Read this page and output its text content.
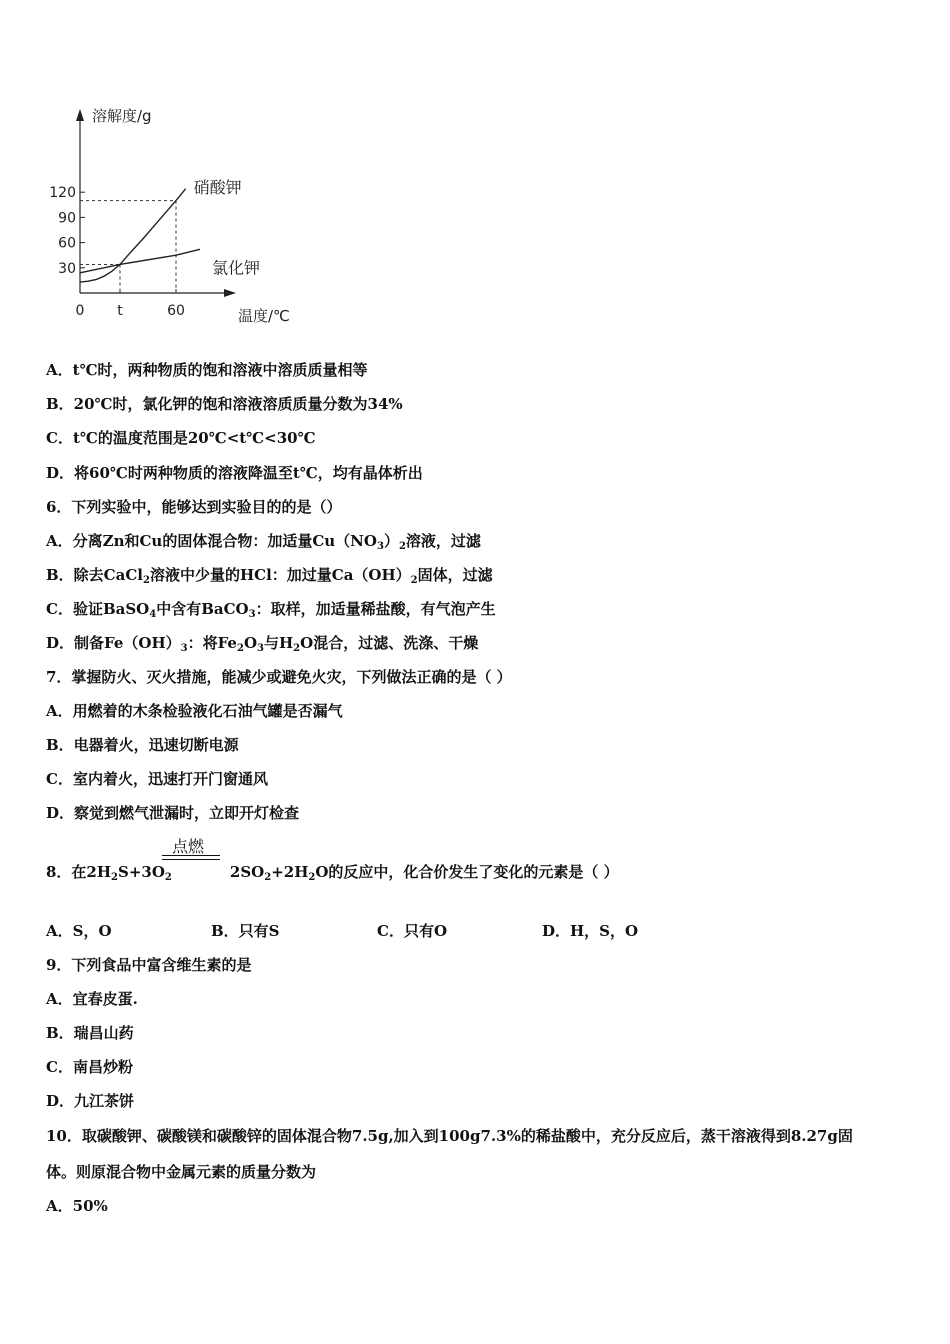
120
90
60
30
0 t	60
硝酸钾
氯化钾
溶解度/g
温度/℃
A．t℃时，两种物质的饱和溶液中溶质质量相等
B．20℃时，氯化钾的饱和溶液溶质质量分数为34%
C．t℃的温度范围是20℃<t℃<30℃
D．将60℃时两种物质的溶液降温至t℃，均有晶体析出
6．下列实验中，能够达到实验目的的是（）
A．分离Zn和Cu的固体混合物：加适量$Cu(NO_3)_2$溶液，过滤
B．除去CaCl$_2$溶液中少量的HCl：加过量$Ca(OH)_2$固体，过滤
C．验证BaSO$_4$中含有BaCO$_3$：取样，加适量稀盐酸，有气泡产生
D．制备$Fe(OH)_3$：将$Fe_2O_3$与$H_2O$混合，过滤、洗涤、干燥
7．掌握防火、灭火措施，能减少或避免火灾，下列做法正确的是（ ）
A．用燃着的木条检验液化石油气罐是否漏气
B．电器着火，迅速切断电源
C．室内着火，迅速打开门窗通风
D．察觉到燃气泄漏时，立即开灯检查
点燃
8．在$2H_2S+3O_2$	$2SO_2+2H_2O$的反应中，化合价发生了变化的元素是（ ）
A．S，O	B．只有S	C．只有O	D．H，S，O
9．下列食品中富含维生素的是
A．宜春皮蛋.
B．瑞昌山药
C．南昌炒粉
D．九江茶饼
10．取碳酸钾、碳酸镁和碳酸锌的固体混合物7.5g,加入到100g7.3%的稀盐酸中，充分反应后，蒸干溶液得到8.27g固
体。则原混合物中金属元素的质量分数为
A．50%
